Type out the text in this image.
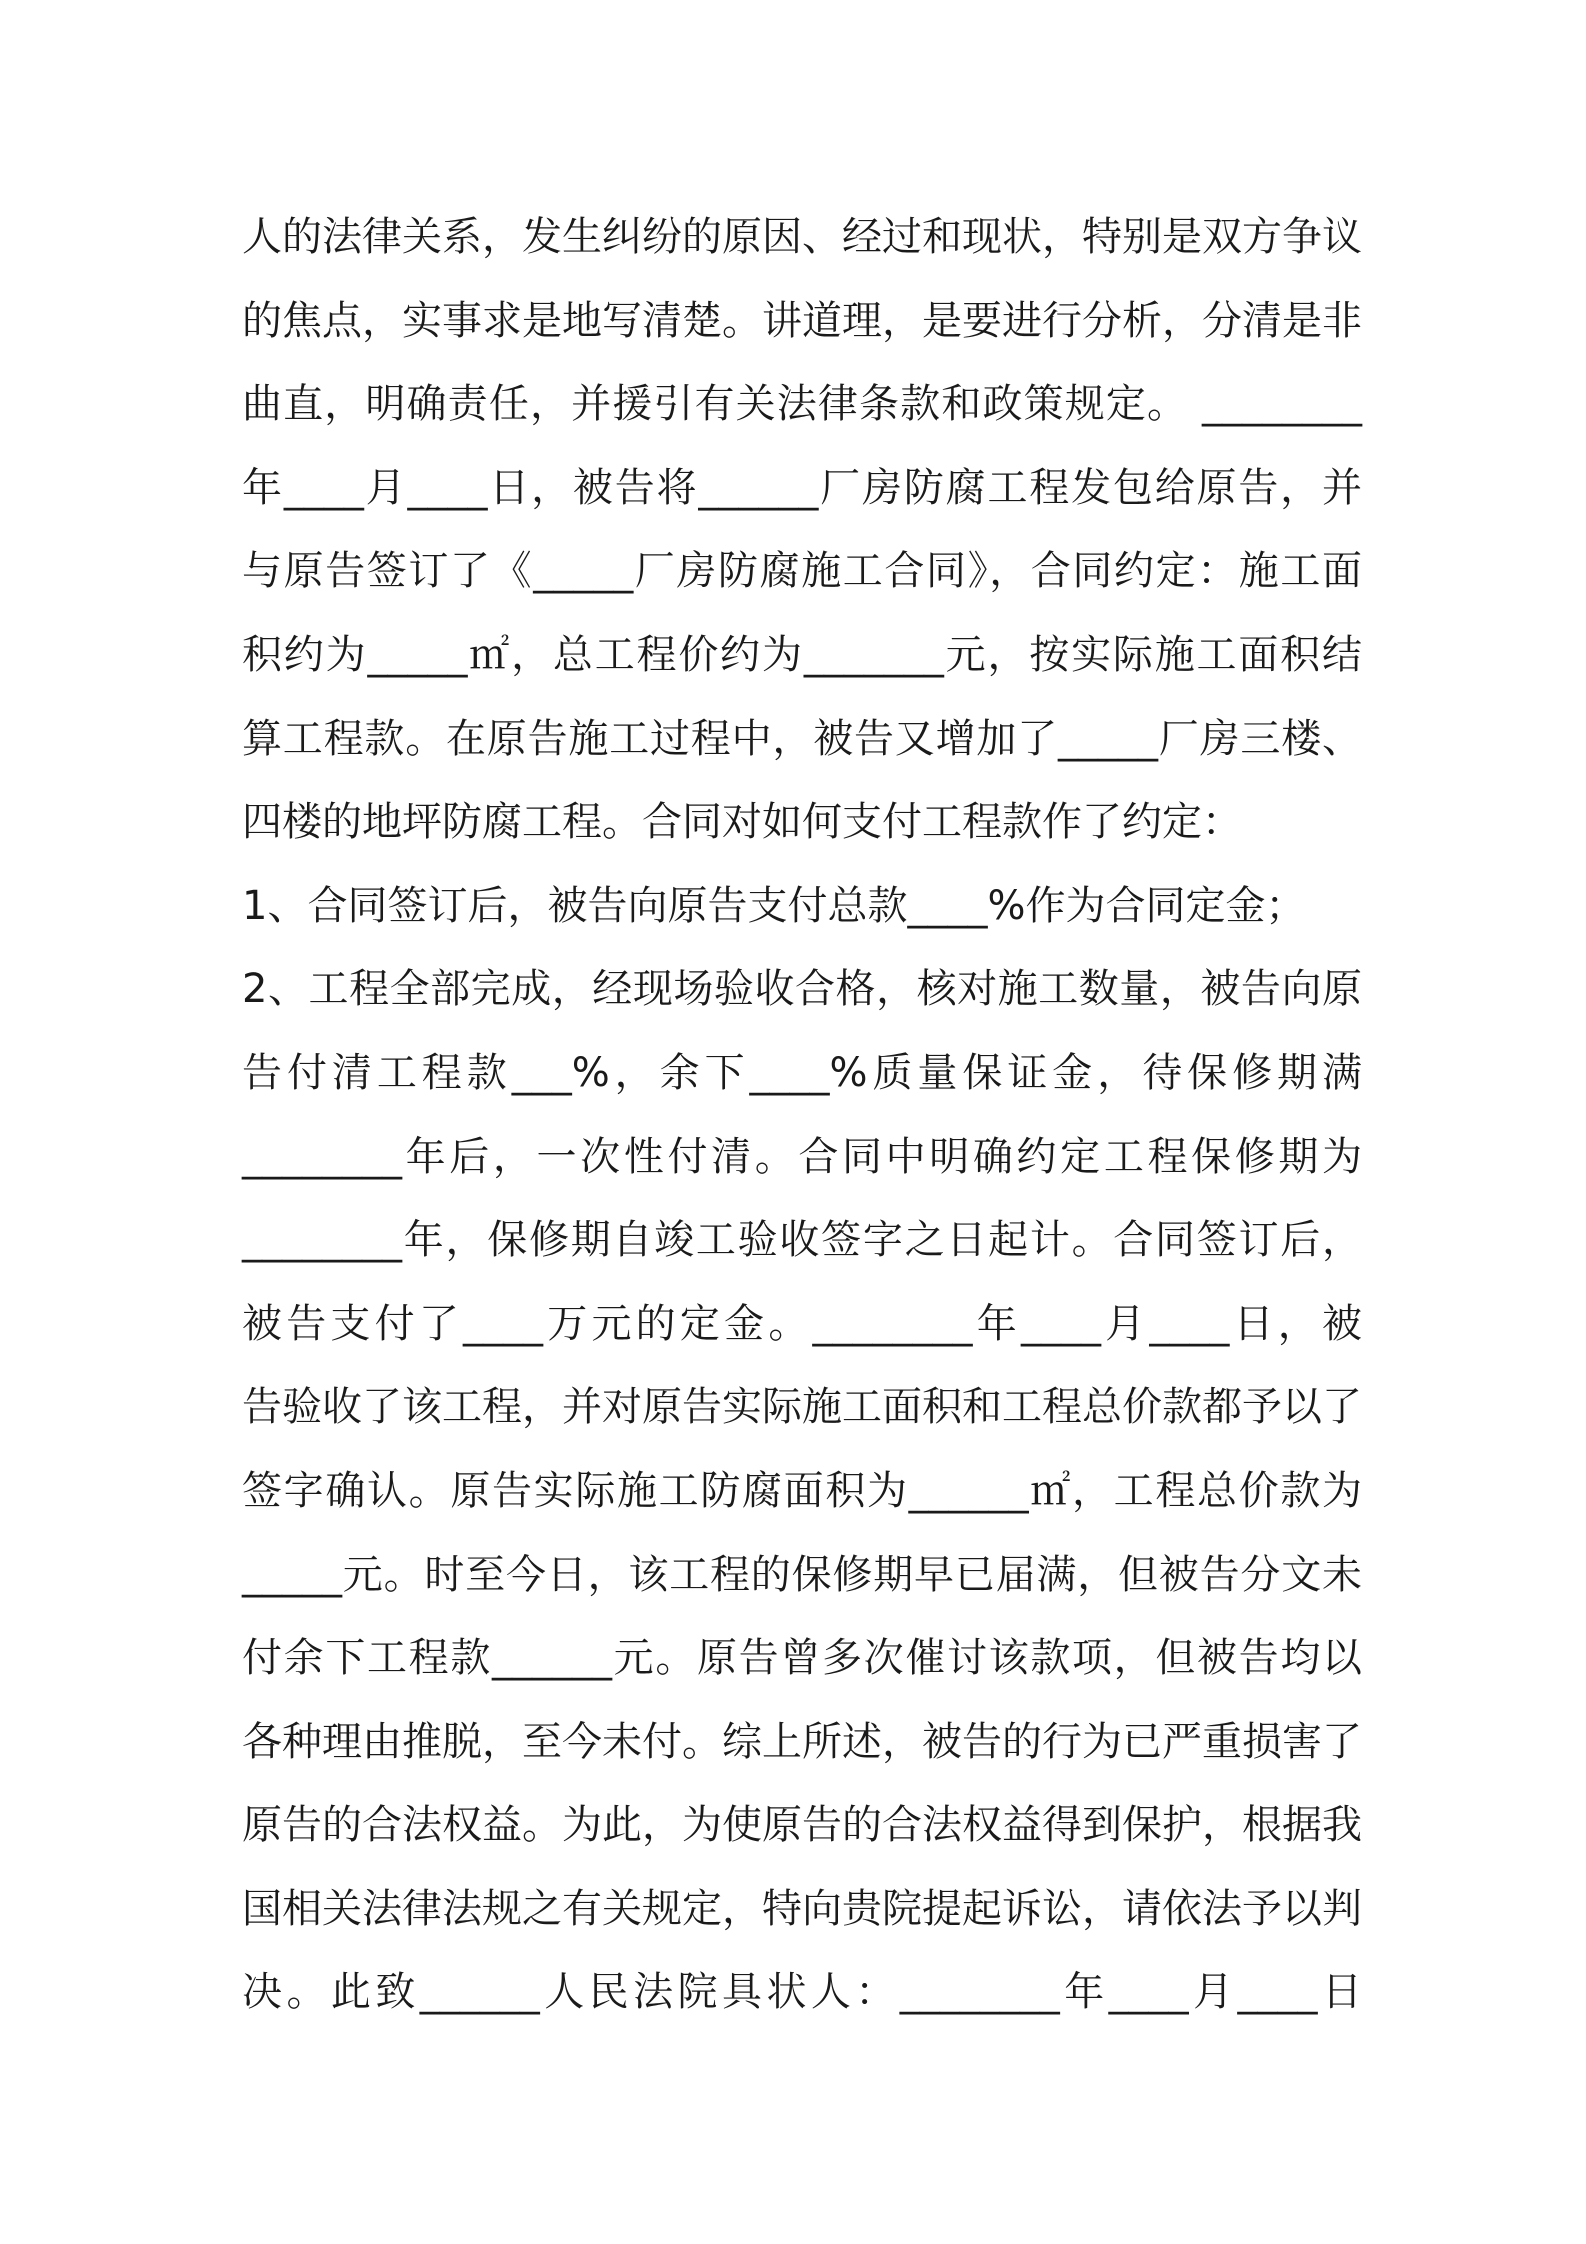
人的法律关系，发生纠纷的原因、经过和现状，特别是双方争议
的焦点，实事求是地写清楚。讲道理，是要进行分析，分清是非
曲直，明确责任，并援引有关法律条款和政策规定。 ________
年____月____日，被告将______厂房防腐工程发包给原告，并
与原告签订了《_____厂房防腐施工合同》，合同约定：施工面
积约为_____㎡，总工程价约为_______元，按实际施工面积结
算工程款。在原告施工过程中，被告又增加了_____厂房三楼、
四楼的地坪防腐工程。合同对如何支付工程款作了约定：
1、合同签订后，被告向原告支付总款____%作为合同定金；
2、工程全部完成，经现场验收合格，核对施工数量，被告向原
告付清工程款___%，余下____%质量保证金，待保修期满
________年后，一次性付清。合同中明确约定工程保修期为
________年，保修期自竣工验收签字之日起计。合同签订后，
被告支付了____万元的定金。________年____月____日，被
告验收了该工程，并对原告实际施工面积和工程总价款都予以了
签字确认。原告实际施工防腐面积为______㎡，工程总价款为
_____元。时至今日，该工程的保修期早已届满，但被告分文未
付余下工程款______元。原告曾多次催讨该款项，但被告均以
各种理由推脱，至今未付。综上所述，被告的行为已严重损害了
原告的合法权益。为此，为使原告的合法权益得到保护，根据我
国相关法律法规之有关规定，特向贵院提起诉讼，请依法予以判
决。此致______人民法院具状人：________年____月____日
